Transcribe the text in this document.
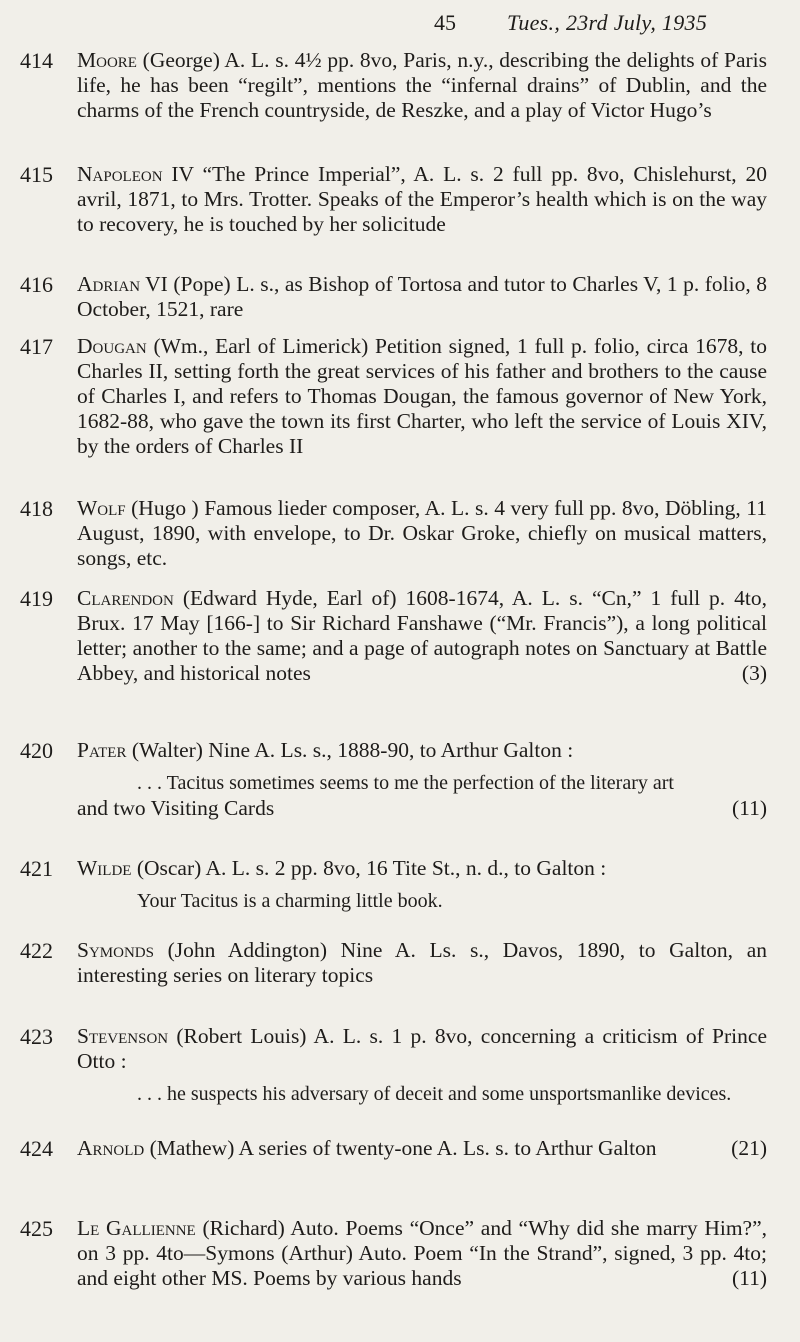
45 Tues., 23rd July, 1935
414	Moore (George) A. L. s. 4½ pp. 8vo, Paris, n.y., describing the delights of Paris life, he has been “regilt”, mentions the “infernal drains” of Dublin, and the charms of the French countryside, de Reszke, and a play of Victor Hugo’s
415	Napoleon IV “The Prince Imperial”, A. L. s. 2 full pp. 8vo, Chislehurst, 20 avril, 1871, to Mrs. Trotter. Speaks of the Emperor’s health which is on the way to recovery, he is touched by her solicitude
416	Adrian VI (Pope) L. s., as Bishop of Tortosa and tutor to Charles V, 1 p. folio, 8 October, 1521, rare
417	Dougan (Wm., Earl of Limerick) Petition signed, 1 full p. folio, circa 1678, to Charles II, setting forth the great services of his father and brothers to the cause of Charles I, and refers to Thomas Dougan, the famous governor of New York, 1682-88, who gave the town its first Charter, who left the service of Louis XIV, by the orders of Charles II
418	Wolf (Hugo ) Famous lieder composer, A. L. s. 4 very full pp. 8vo, Döbling, 11 August, 1890, with envelope, to Dr. Oskar Groke, chiefly on musical matters, songs, etc.
419	Clarendon (Edward Hyde, Earl of) 1608-1674, A. L. s. “Cn,” 1 full p. 4to, Brux. 17 May [166-] to Sir Richard Fanshawe (“Mr. Francis”), a long political letter; another to the same; and a page of autograph notes on Sanctuary at Battle Abbey, and historical notes	(3)
420	Pater (Walter) Nine A. Ls. s., 1888-90, to Arthur Galton :
. . . Tacitus sometimes seems to me the perfection of the literary art
and two Visiting Cards	(11)
421	Wilde (Oscar) A. L. s. 2 pp. 8vo, 16 Tite St., n. d., to Galton :
Your Tacitus is a charming little book.
422	Symonds (John Addington) Nine A. Ls. s., Davos, 1890, to Galton, an interesting series on literary topics
423	Stevenson (Robert Louis) A. L. s. 1 p. 8vo, concerning a criticism of Prince Otto :
. . . he suspects his adversary of deceit and some unsportsmanlike devices.
424	Arnold (Mathew) A series of twenty-one A. Ls. s. to Arthur Galton	(21)
425	Le Gallienne (Richard) Auto. Poems “Once” and “Why did she marry Him?”, on 3 pp. 4to—Symons (Arthur) Auto. Poem “In the Strand”, signed, 3 pp. 4to; and eight other MS. Poems by various hands	(11)
